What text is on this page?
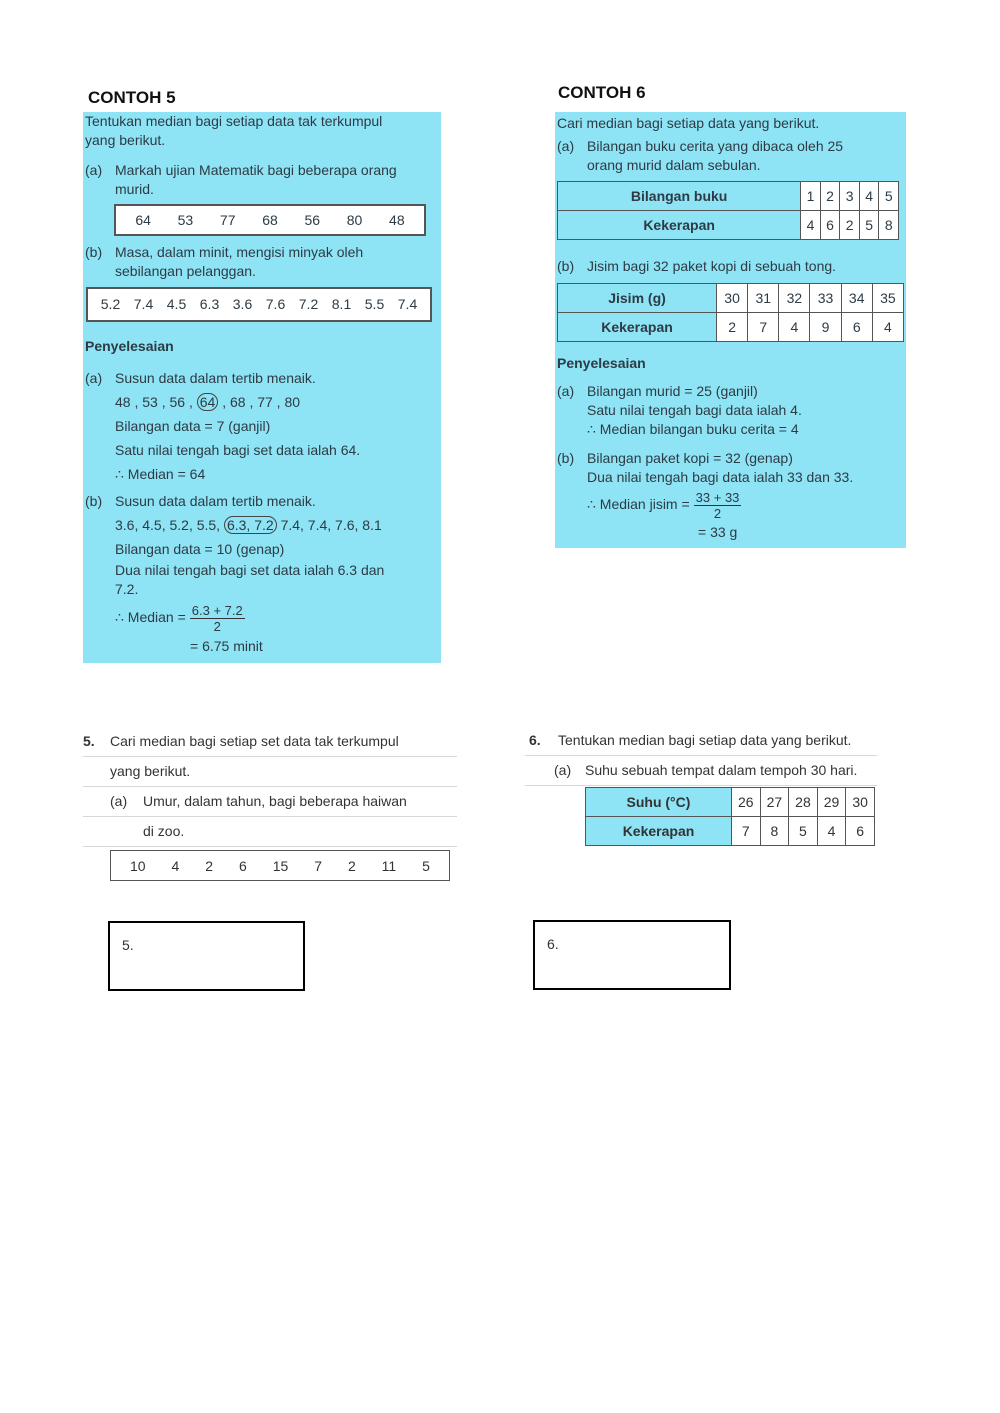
CONTOH 5

Tentukan median bagi setiap data tak terkumpul

yang berikut.

(a) Markah ujian Matematik bagi beberapa orang

murid.

64 53 77 68 56 80 48
(b) Masa, dalam minit, mengisi minyak oleh

sebilangan pelanggan.

5.2 7.4 4.5 6.3 3.6 7.6 7.2 8.1 5.5 7.4

Penyelesaian

(a) Susun data dalam tertib menaik.

48 , 53 , 56 , 64 , 68 , 77 , 80

Bilangan data = 7 (ganjil)

Satu nilai tengah bagi set data ialah 64.

∴ Median = 64

(b) Susun data dalam tertib menaik.

3.6, 4.5, 5.2, 5.5, 6.3, 7.2 7.4, 7.4, 7.6, 8.1

Bilangan data = 10 (genap)

Dua nilai tengah bagi set data ialah 6.3 dan

7.2.

∴ Median = $\frac{6.3 + 7.2}{2}$

= 6.75 minit

CONTOH 6

Cari median bagi setiap data yang berikut.

(a) Bilangan buku cerita yang dibaca oleh 25

orang murid dalam sebulan.

Bilangan buku	1	2	3	4	5
Kekerapan	4	6	2	5	8
(b) Jisim bagi 32 paket kopi di sebuah tong.
Jisim (g)	30	31	32	33	34	35
Kekerapan	2	7	4	9	6	4

Penyelesaian

(a) Bilangan murid = 25 (ganjil)

Satu nilai tengah bagi data ialah 4.

∴ Median bilangan buku cerita = 4

(b) Bilangan paket kopi = 32 (genap)

Dua nilai tengah bagi data ialah 33 dan 33.

∴ Median jisim = $\frac{33 + 33}{2}$

= 33 g

5.	Cari median bagi setiap set data tak terkumpul
yang berikut.
(a)	Umur, dalam tahun, bagi beberapa haiwan
di zoo.
10 4 2 6 15 7 2 11 5
6.	Tentukan median bagi setiap data yang berikut.
(a) Suhu sebuah tempat dalam tempoh 30 hari.
Suhu (°C)	26	27	28	29	30
Kekerapan	7	8	5	4	6
5.	6.
